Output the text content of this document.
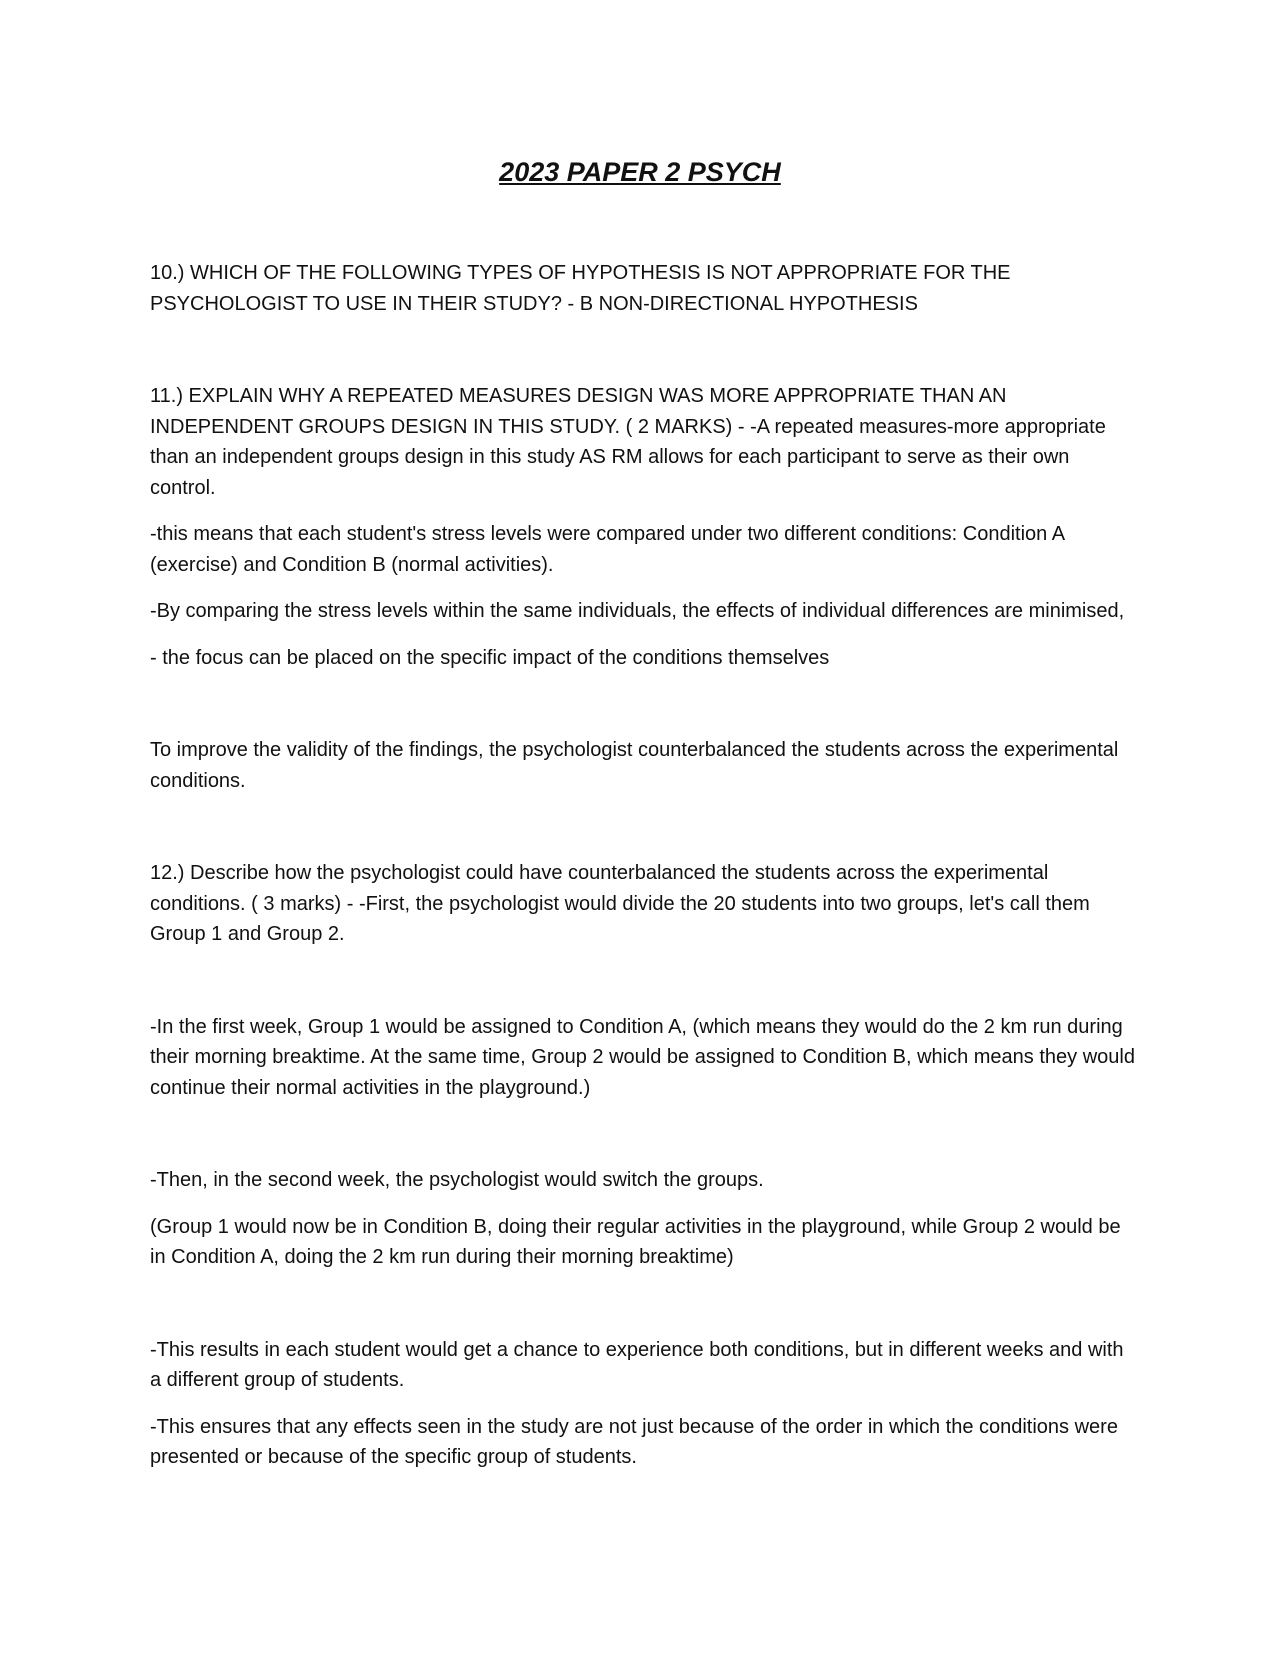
2023 PAPER 2 PSYCH

10.) WHICH OF THE FOLLOWING TYPES OF HYPOTHESIS IS NOT APPROPRIATE FOR THE PSYCHOLOGIST TO USE IN THEIR STUDY? - B NON-DIRECTIONAL HYPOTHESIS

11.) EXPLAIN WHY A REPEATED MEASURES DESIGN WAS MORE APPROPRIATE THAN AN INDEPENDENT GROUPS DESIGN IN THIS STUDY. ( 2 MARKS) - -A repeated measures-more appropriate than an independent groups design in this study AS RM allows for each participant to serve as their own control.

-this means that each student's stress levels were compared under two different conditions: Condition A (exercise) and Condition B (normal activities).

-By comparing the stress levels within the same individuals, the effects of individual differences are minimised,

- the focus can be placed on the specific impact of the conditions themselves

To improve the validity of the findings, the psychologist counterbalanced the students across the experimental conditions.

12.) Describe how the psychologist could have counterbalanced the students across the experimental conditions. ( 3 marks) - -First, the psychologist would divide the 20 students into two groups, let's call them Group 1 and Group 2.

-In the first week, Group 1 would be assigned to Condition A, (which means they would do the 2 km run during their morning breaktime. At the same time, Group 2 would be assigned to Condition B, which means they would continue their normal activities in the playground.)

-Then, in the second week, the psychologist would switch the groups.

(Group 1 would now be in Condition B, doing their regular activities in the playground, while Group 2 would be in Condition A, doing the 2 km run during their morning breaktime)

-This results in each student would get a chance to experience both conditions, but in different weeks and with a different group of students.

-This ensures that any effects seen in the study are not just because of the order in which the conditions were presented or because of the specific group of students.
